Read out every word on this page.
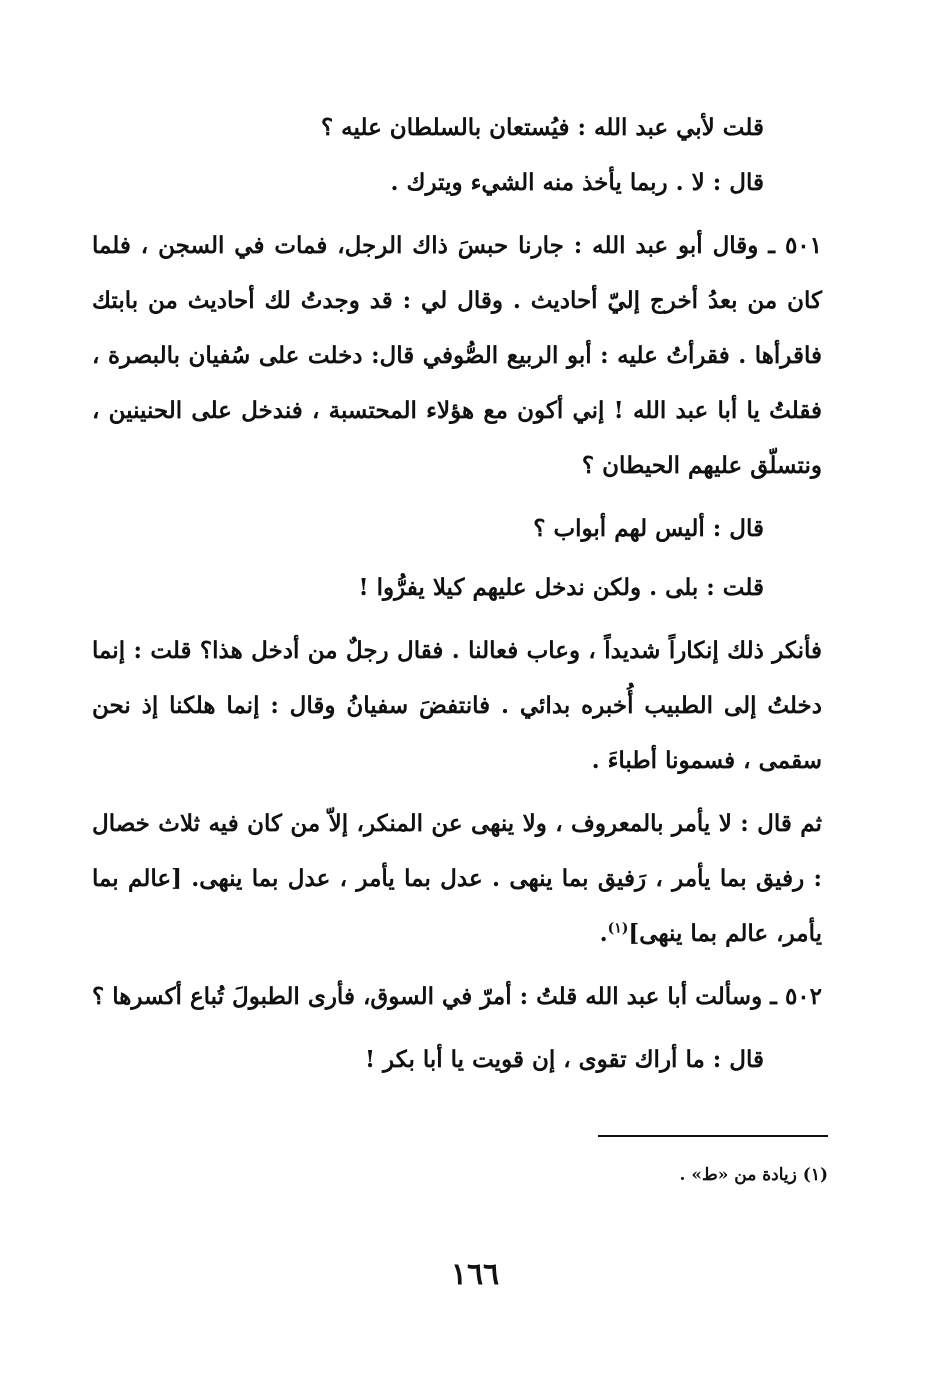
قلت لأبي عبد الله : فيُستعان بالسلطان عليه ؟

قال : لا . ربما يأخذ منه الشيء ويترك .

٥٠١ ـ وقال أبو عبد الله : جارنا حبسَ ذاك الرجل، فمات في السجن ، فلما كان من بعدُ أخرج إليّ أحاديث . وقال لي : قد وجدتُ لك أحاديث من بابتك فاقرأها . فقرأتُ عليه : أبو الربيع الصُّوفي قال: دخلت على سُفيان بالبصرة ، فقلتُ يا أبا عبد الله ! إني أكون مع هؤلاء المحتسبة ، فندخل على الحنينين ، ونتسلّق عليهم الحيطان ؟

قال : أليس لهم أبواب ؟

قلت : بلى . ولكن ندخل عليهم كيلا يفرُّوا !

فأنكر ذلك إنكاراً شديداً ، وعاب فعالنا . فقال رجلٌ من أدخل هذا؟ قلت : إنما دخلتُ إلى الطبيب أُخبره بدائي . فانتفضَ سفيانُ وقال : إنما هلكنا إذ نحن سقمى ، فسمونا أطباءَ .

ثم قال : لا يأمر بالمعروف ، ولا ينهى عن المنكر، إلاّ من كان فيه ثلاث خصال : رفيق بما يأمر ، رَفيق بما ينهى . عدل بما يأمر ، عدل بما ينهى. [عالم بما يأمر، عالم بما ينهى]$^{(١)}$.

٥٠٢ ـ وسألت أبا عبد الله قلتُ : أمرّ في السوق، فأرى الطبولَ تُباع أكسرها ؟

قال : ما أراك تقوى ، إن قويت يا أبا بكر !

(١) زيادة من «ط» .
١٦٦
